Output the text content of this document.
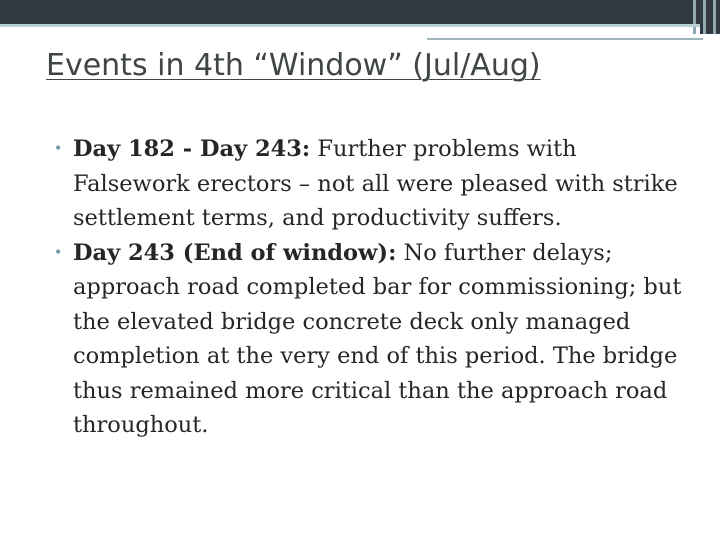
Events in 4th “Window” (Jul/Aug)
• Day 182 - Day 243: Further problems with Falsework erectors – not all were pleased with strike settlement terms, and productivity suffers.
• Day 243 (End of window): No further delays; approach road completed bar for commissioning; but the elevated bridge concrete deck only managed completion at the very end of this period. The bridge thus remained more critical than the approach road throughout.
